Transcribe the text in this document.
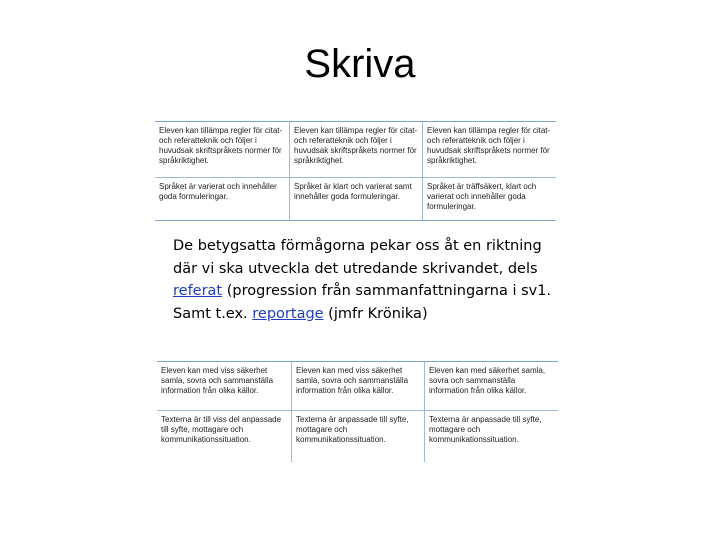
Skriva
Eleven kan tillämpa regler för citat- och referatteknik och följer i huvudsak skriftspråkets normer för språkriktighet.
Eleven kan tillämpa regler för citat- och referatteknik och följer i huvudsak skriftspråkets normer för språkriktighet.
Eleven kan tillämpa regler för citat- och referatteknik och följer i huvudsak skriftspråkets normer för språkriktighet.
Språket är varierat och innehåller goda formuleringar.
Språket är klart och varierat samt innehåller goda formuleringar.
Språket är träffsäkert, klart och varierat och innehåller goda formuleringar.
De betygsatta förmågorna pekar oss åt en riktning där vi ska utveckla det utredande skrivandet, dels referat (progression från sammanfattningarna i sv1. Samt t.ex. reportage (jmfr Krönika)
Eleven kan med viss säkerhet samla, sovra och sammanställa information från olika källor.
Eleven kan med viss säkerhet samla, sovra och sammanställa information från olika källor.
Eleven kan med säkerhet samla, sovra och sammanställa information från olika källor.
Texterna är till viss del anpassade till syfte, mottagare och kommunikationssituation.
Texterna är anpassade till syfte, mottagare och kommunikationssituation.
Texterna är anpassade till syfte, mottagare och kommunikationssituation.
